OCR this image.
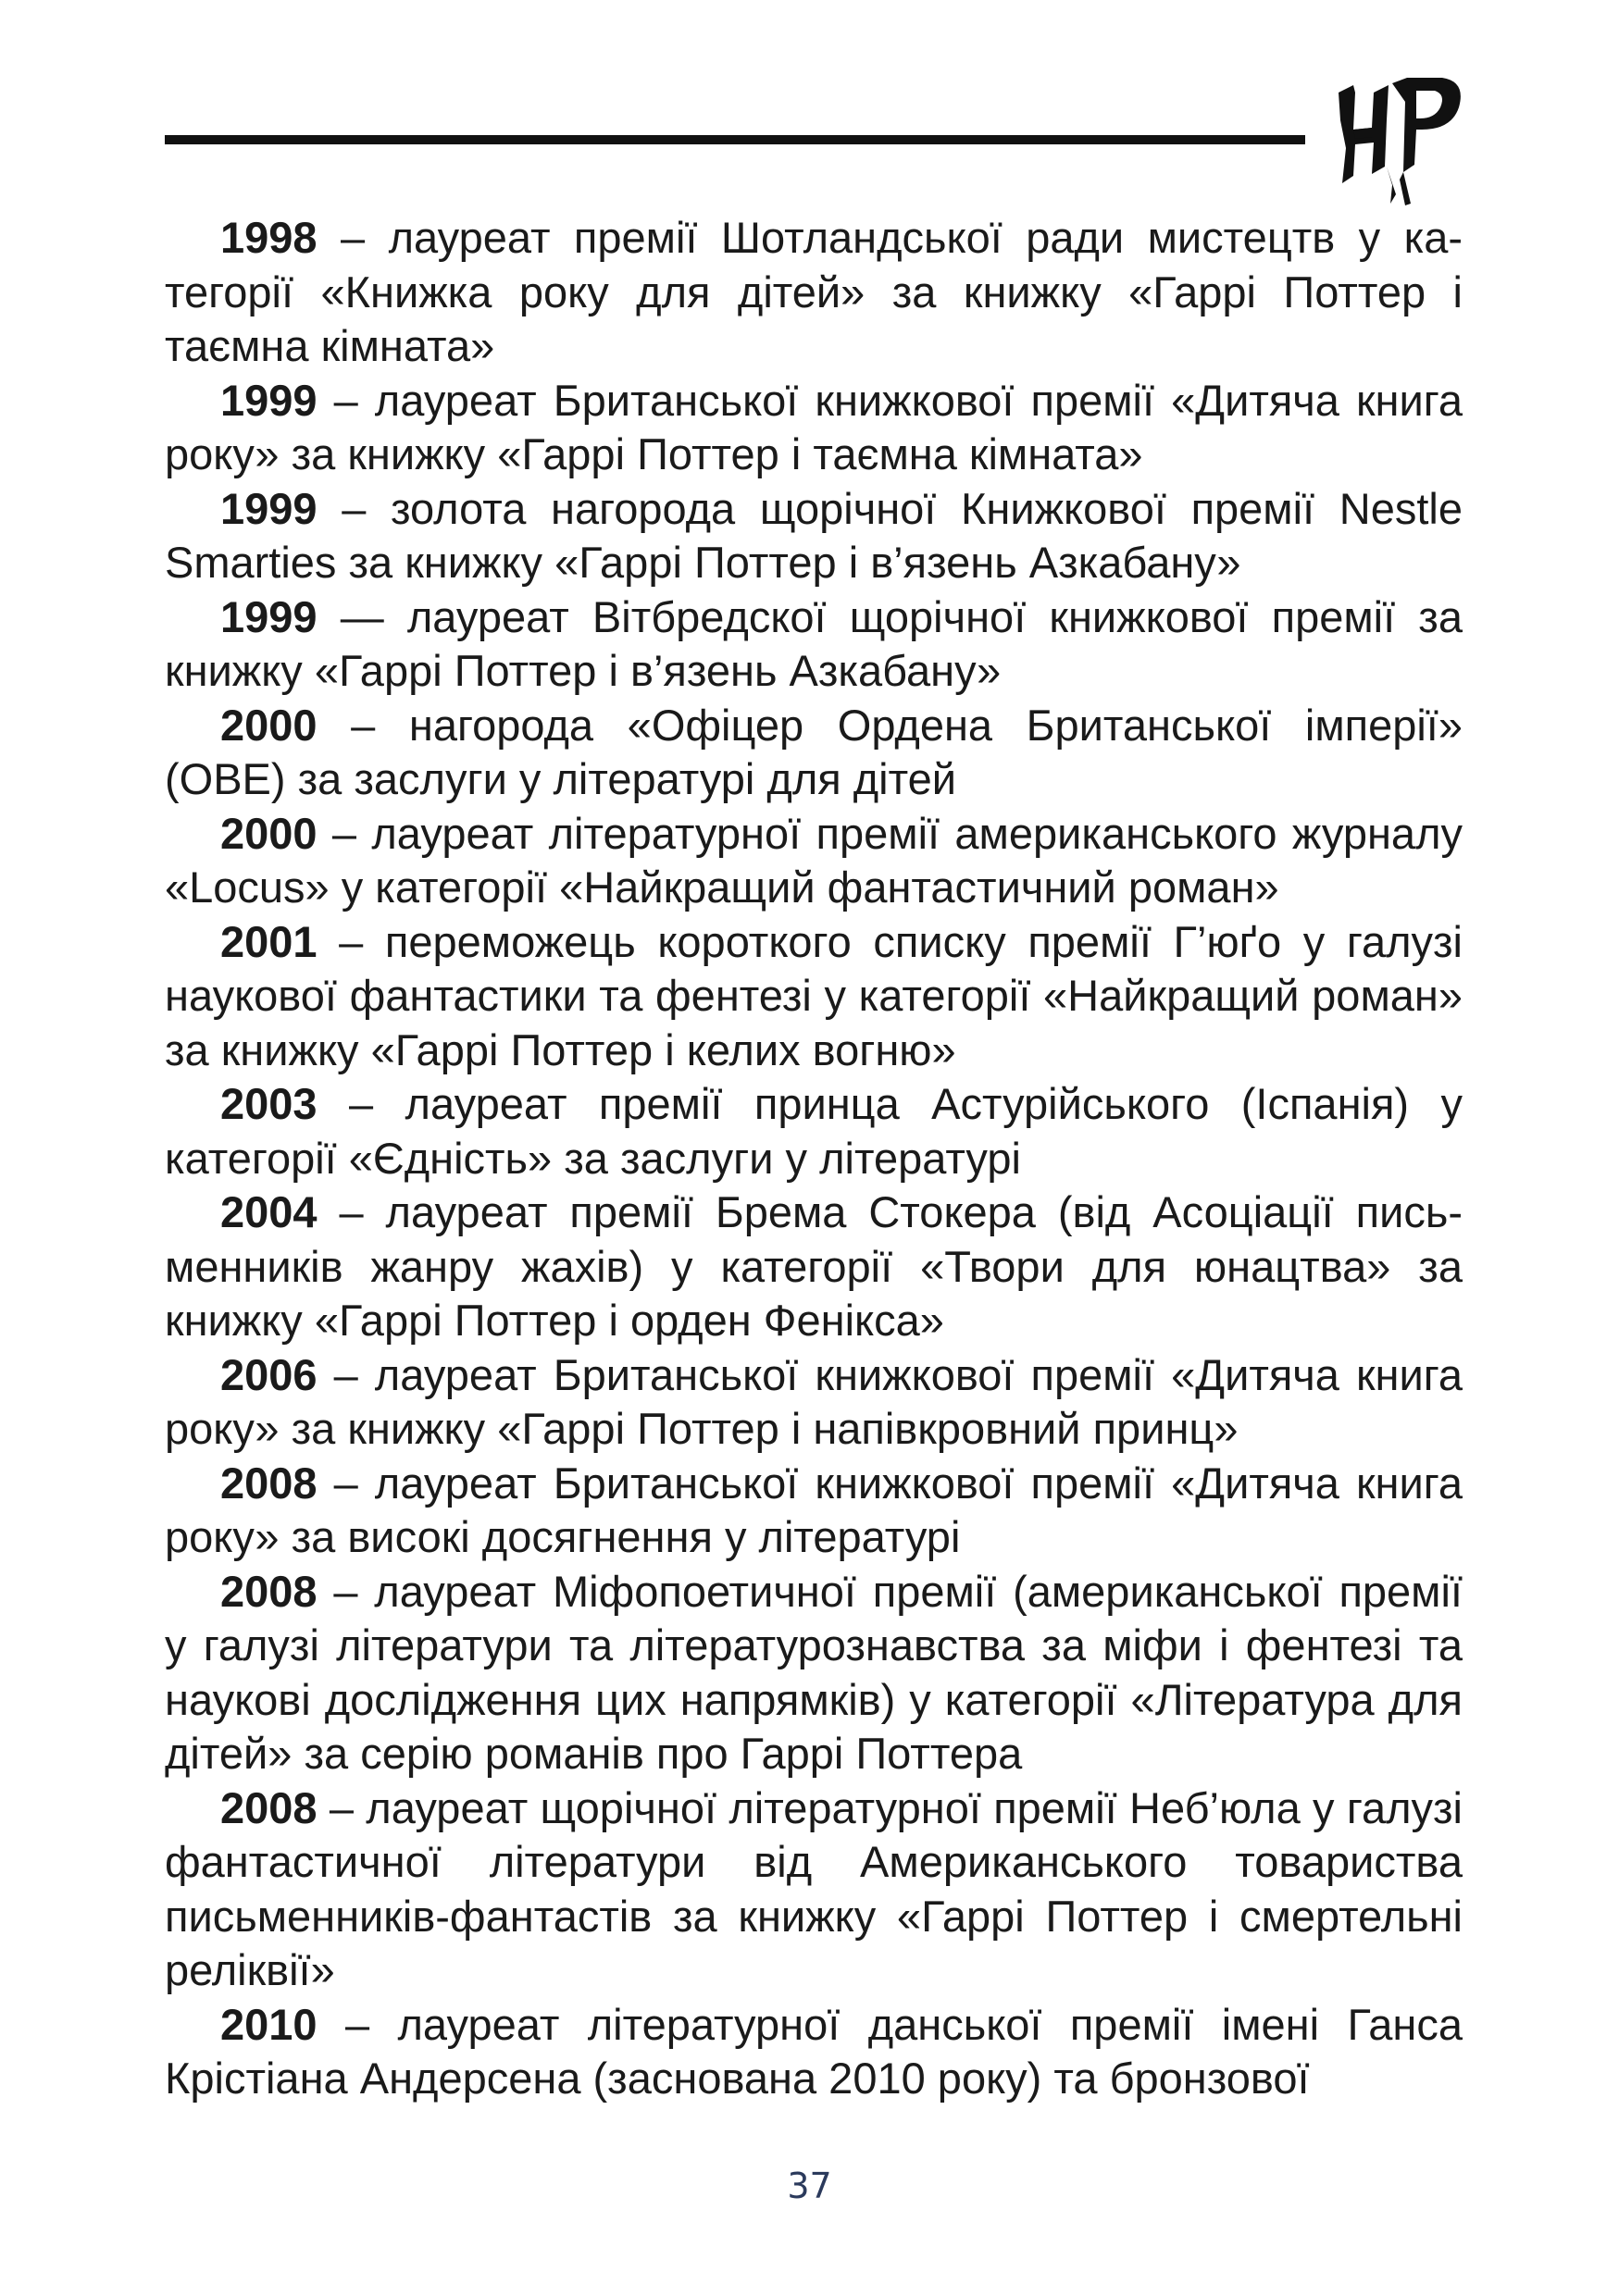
1998 – лауреат премії Шотландської ради мистецтв у категорії «Книжка року для дітей» за книжку «Гаррі Поттер і таємна кімната»

1999 – лауреат Британської книжкової премії «Дитяча книга року» за книжку «Гаррі Поттер і таємна кімната»

1999 – золота нагорода щорічної Книжкової премії Nestle Smarties за книжку «Гаррі Поттер і в’язень Азкабану»

1999 — лауреат Вітбредскої щорічної книжкової премії за книжку «Гаррі Поттер і в’язень Азкабану»

2000 – нагорода «Офіцер Ордена Британської імперії» (OBE) за заслуги у літературі для дітей

2000 – лауреат літературної премії американського журналу «Locus» у категорії «Найкращий фантастичний роман»

2001 – переможець короткого списку премії Г’юґо у галузі наукової фантастики та фентезі у категорії «Найкращий роман» за книжку «Гаррі Поттер і келих вогню»

2003 – лауреат премії принца Астурійського (Іспанія) у категорії «Єдність» за заслуги у літературі

2004 – лауреат премії Брема Стокера (від Асоціації письменників жанру жахів) у категорії «Твори для юнацтва» за книжку «Гаррі Поттер і орден Фенікса»

2006 – лауреат Британської книжкової премії «Дитяча книга року» за книжку «Гаррі Поттер і напівкровний принц»

2008 – лауреат Британської книжкової премії «Дитяча книга року» за високі досягнення у літературі

2008 – лауреат Міфопоетичної премії (американської премії у галузі літератури та літературознавства за міфи і фентезі та наукові дослідження цих напрямків) у категорії «Література для дітей» за серію романів про Гаррі Поттера

2008 – лауреат щорічної літературної премії Неб’юла у галузі фантастичної літератури від Американського товариства письменників-фантастів за книжку «Гаррі Поттер і смертельні реліквії»

2010 – лауреат літературної данської премії імені Ганса Крістіана Андерсена (заснована 2010 року) та бронзової

37
